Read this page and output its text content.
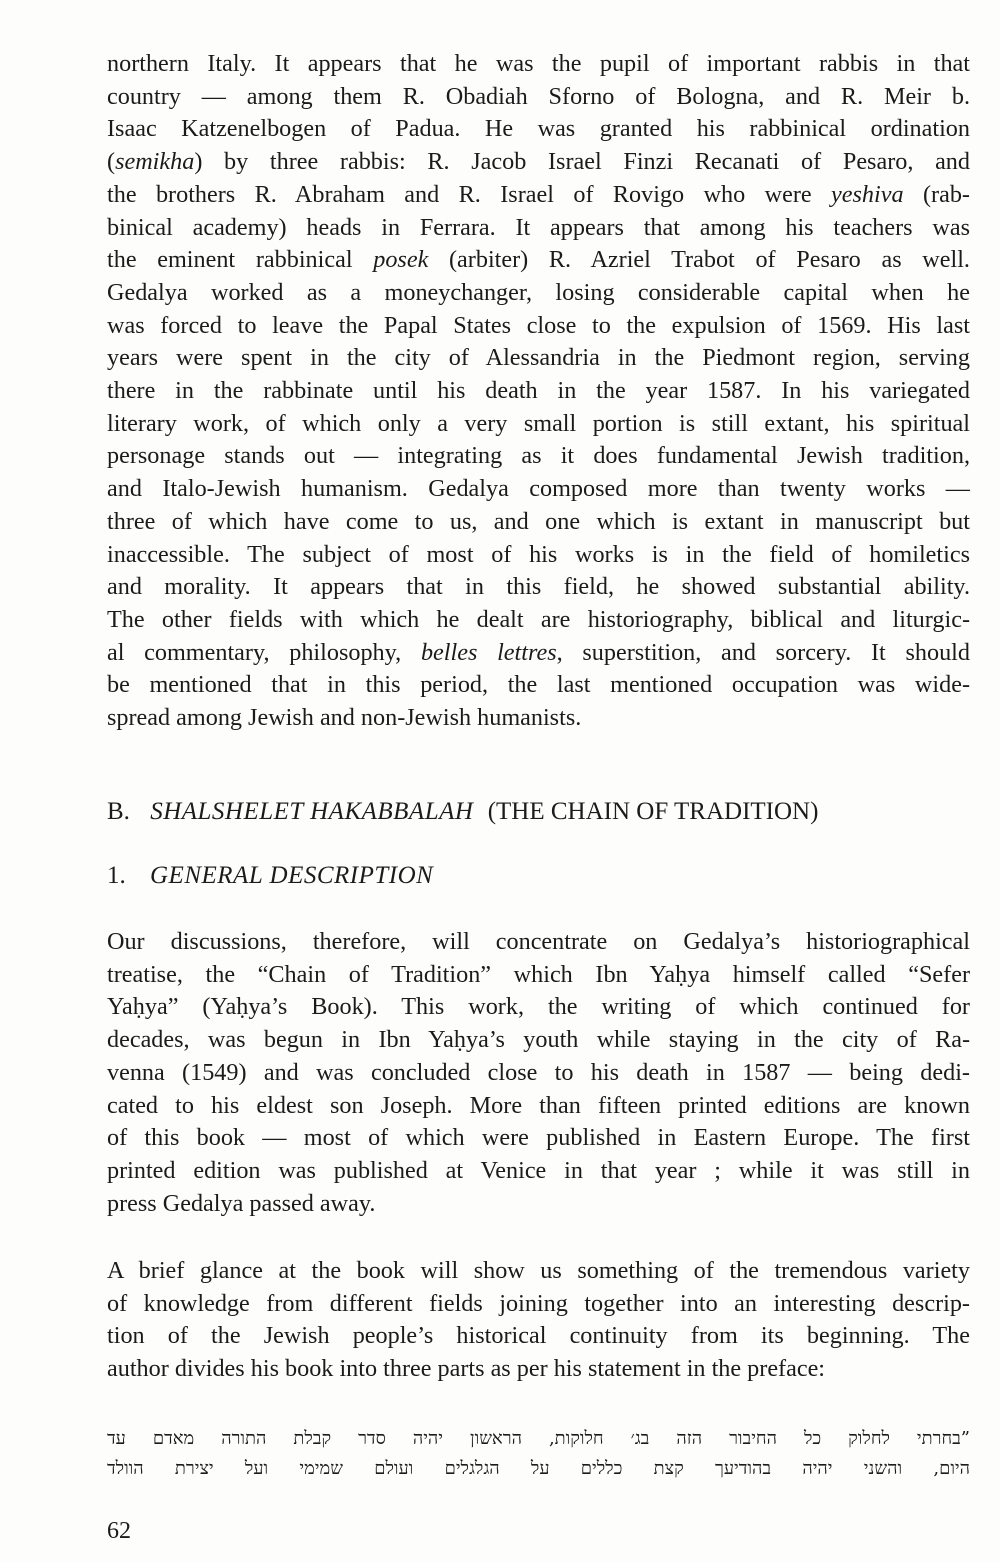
northern Italy. It appears that he was the pupil of important rabbis in that
country — among them R. Obadiah Sforno of Bologna, and R. Meir b.
Isaac Katzenelbogen of Padua. He was granted his rabbinical ordination
(semikha) by three rabbis: R. Jacob Israel Finzi Recanati of Pesaro, and
the brothers R. Abraham and R. Israel of Rovigo who were yeshiva (rab-
binical academy) heads in Ferrara. It appears that among his teachers was
the eminent rabbinical posek (arbiter) R. Azriel Trabot of Pesaro as well.
Gedalya worked as a moneychanger, losing considerable capital when he
was forced to leave the Papal States close to the expulsion of 1569. His last
years were spent in the city of Alessandria in the Piedmont region, serving
there in the rabbinate until his death in the year 1587. In his variegated
literary work, of which only a very small portion is still extant, his spiritual
personage stands out — integrating as it does fundamental Jewish tradition,
and Italo-Jewish humanism. Gedalya composed more than twenty works —
three of which have come to us, and one which is extant in manuscript but
inaccessible. The subject of most of his works is in the field of homiletics
and morality. It appears that in this field, he showed substantial ability.
The other fields with which he dealt are historiography, biblical and liturgic-
al commentary, philosophy, belles lettres, superstition, and sorcery. It should
be mentioned that in this period, the last mentioned occupation was wide-
spread among Jewish and non-Jewish humanists.
B. SHALSHELET HAKABBALAH (THE CHAIN OF TRADITION)
1. GENERAL DESCRIPTION
Our discussions, therefore, will concentrate on Gedalya’s historiographical
treatise, the “Chain of Tradition” which Ibn Yaḥya himself called “Sefer
Yaḥya” (Yaḥya’s Book). This work, the writing of which continued for
decades, was begun in Ibn Yaḥya’s youth while staying in the city of Ra-
venna (1549) and was concluded close to his death in 1587 — being dedi-
cated to his eldest son Joseph. More than fifteen printed editions are known
of this book — most of which were published in Eastern Europe. The first
printed edition was published at Venice in that year ; while it was still in
press Gedalya passed away.
A brief glance at the book will show us something of the tremendous variety
of knowledge from different fields joining together into an interesting descrip-
tion of the Jewish people’s historical continuity from its beginning. The
author divides his book into three parts as per his statement in the preface:
”בחרתי לחלוק כל החיבור הזה בג׳ חלוקות, הראשון יהיה סדר קבלת התורה מאדם עד
היום, והשני יהיה בהודיעך קצת כללים על הגלגלים ועולם שמימי ועל יצירת הוולד
62
